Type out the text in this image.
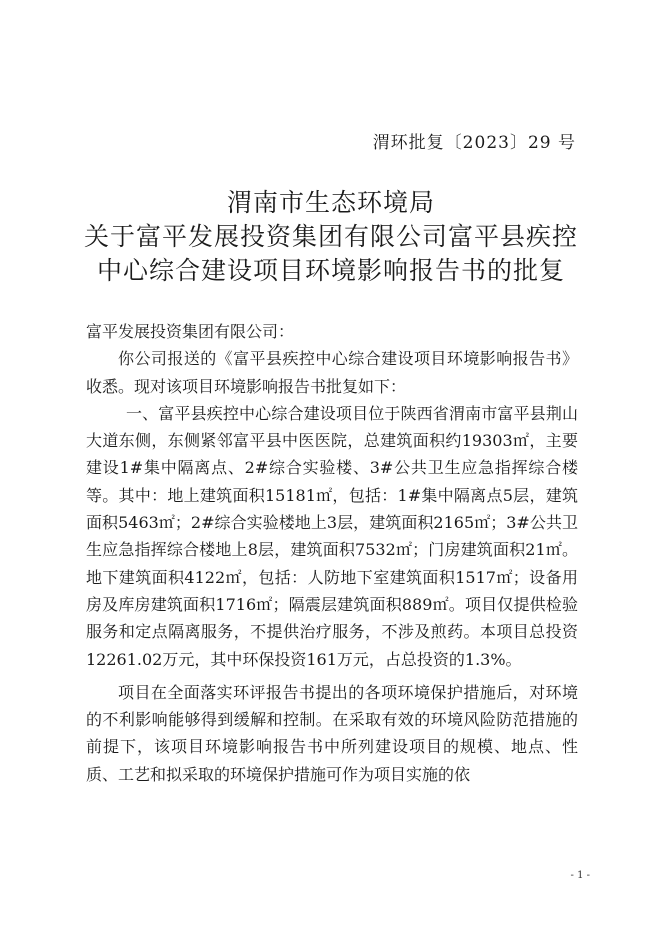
渭环批复〔2023〕29 号
渭南市生态环境局
关于富平发展投资集团有限公司富平县疾控
中心综合建设项目环境影响报告书的批复

富平发展投资集团有限公司：

你公司报送的《富平县疾控中心综合建设项目环境影响报告书》收悉。现对该项目环境影响报告书批复如下：

一、富平县疾控中心综合建设项目位于陕西省渭南市富平县荆山大道东侧，东侧紧邻富平县中医医院，总建筑面积约19303㎡，主要建设1#集中隔离点、2#综合实验楼、3#公共卫生应急指挥综合楼等。其中：地上建筑面积15181㎡，包括：1#集中隔离点5层，建筑面积5463㎡；2#综合实验楼地上3层，建筑面积2165㎡；3#公共卫生应急指挥综合楼地上8层，建筑面积7532㎡；门房建筑面积21㎡。地下建筑面积4122㎡，包括：人防地下室建筑面积1517㎡；设备用房及库房建筑面积1716㎡；隔震层建筑面积889㎡。项目仅提供检验服务和定点隔离服务，不提供治疗服务，不涉及煎药。本项目总投资12261.02万元，其中环保投资161万元，占总投资的1.3%。

项目在全面落实环评报告书提出的各项环境保护措施后，对环境的不利影响能够得到缓解和控制。在采取有效的环境风险防范措施的前提下，该项目环境影响报告书中所列建设项目的规模、地点、性质、工艺和拟采取的环境保护措施可作为项目实施的依

- 1 -
